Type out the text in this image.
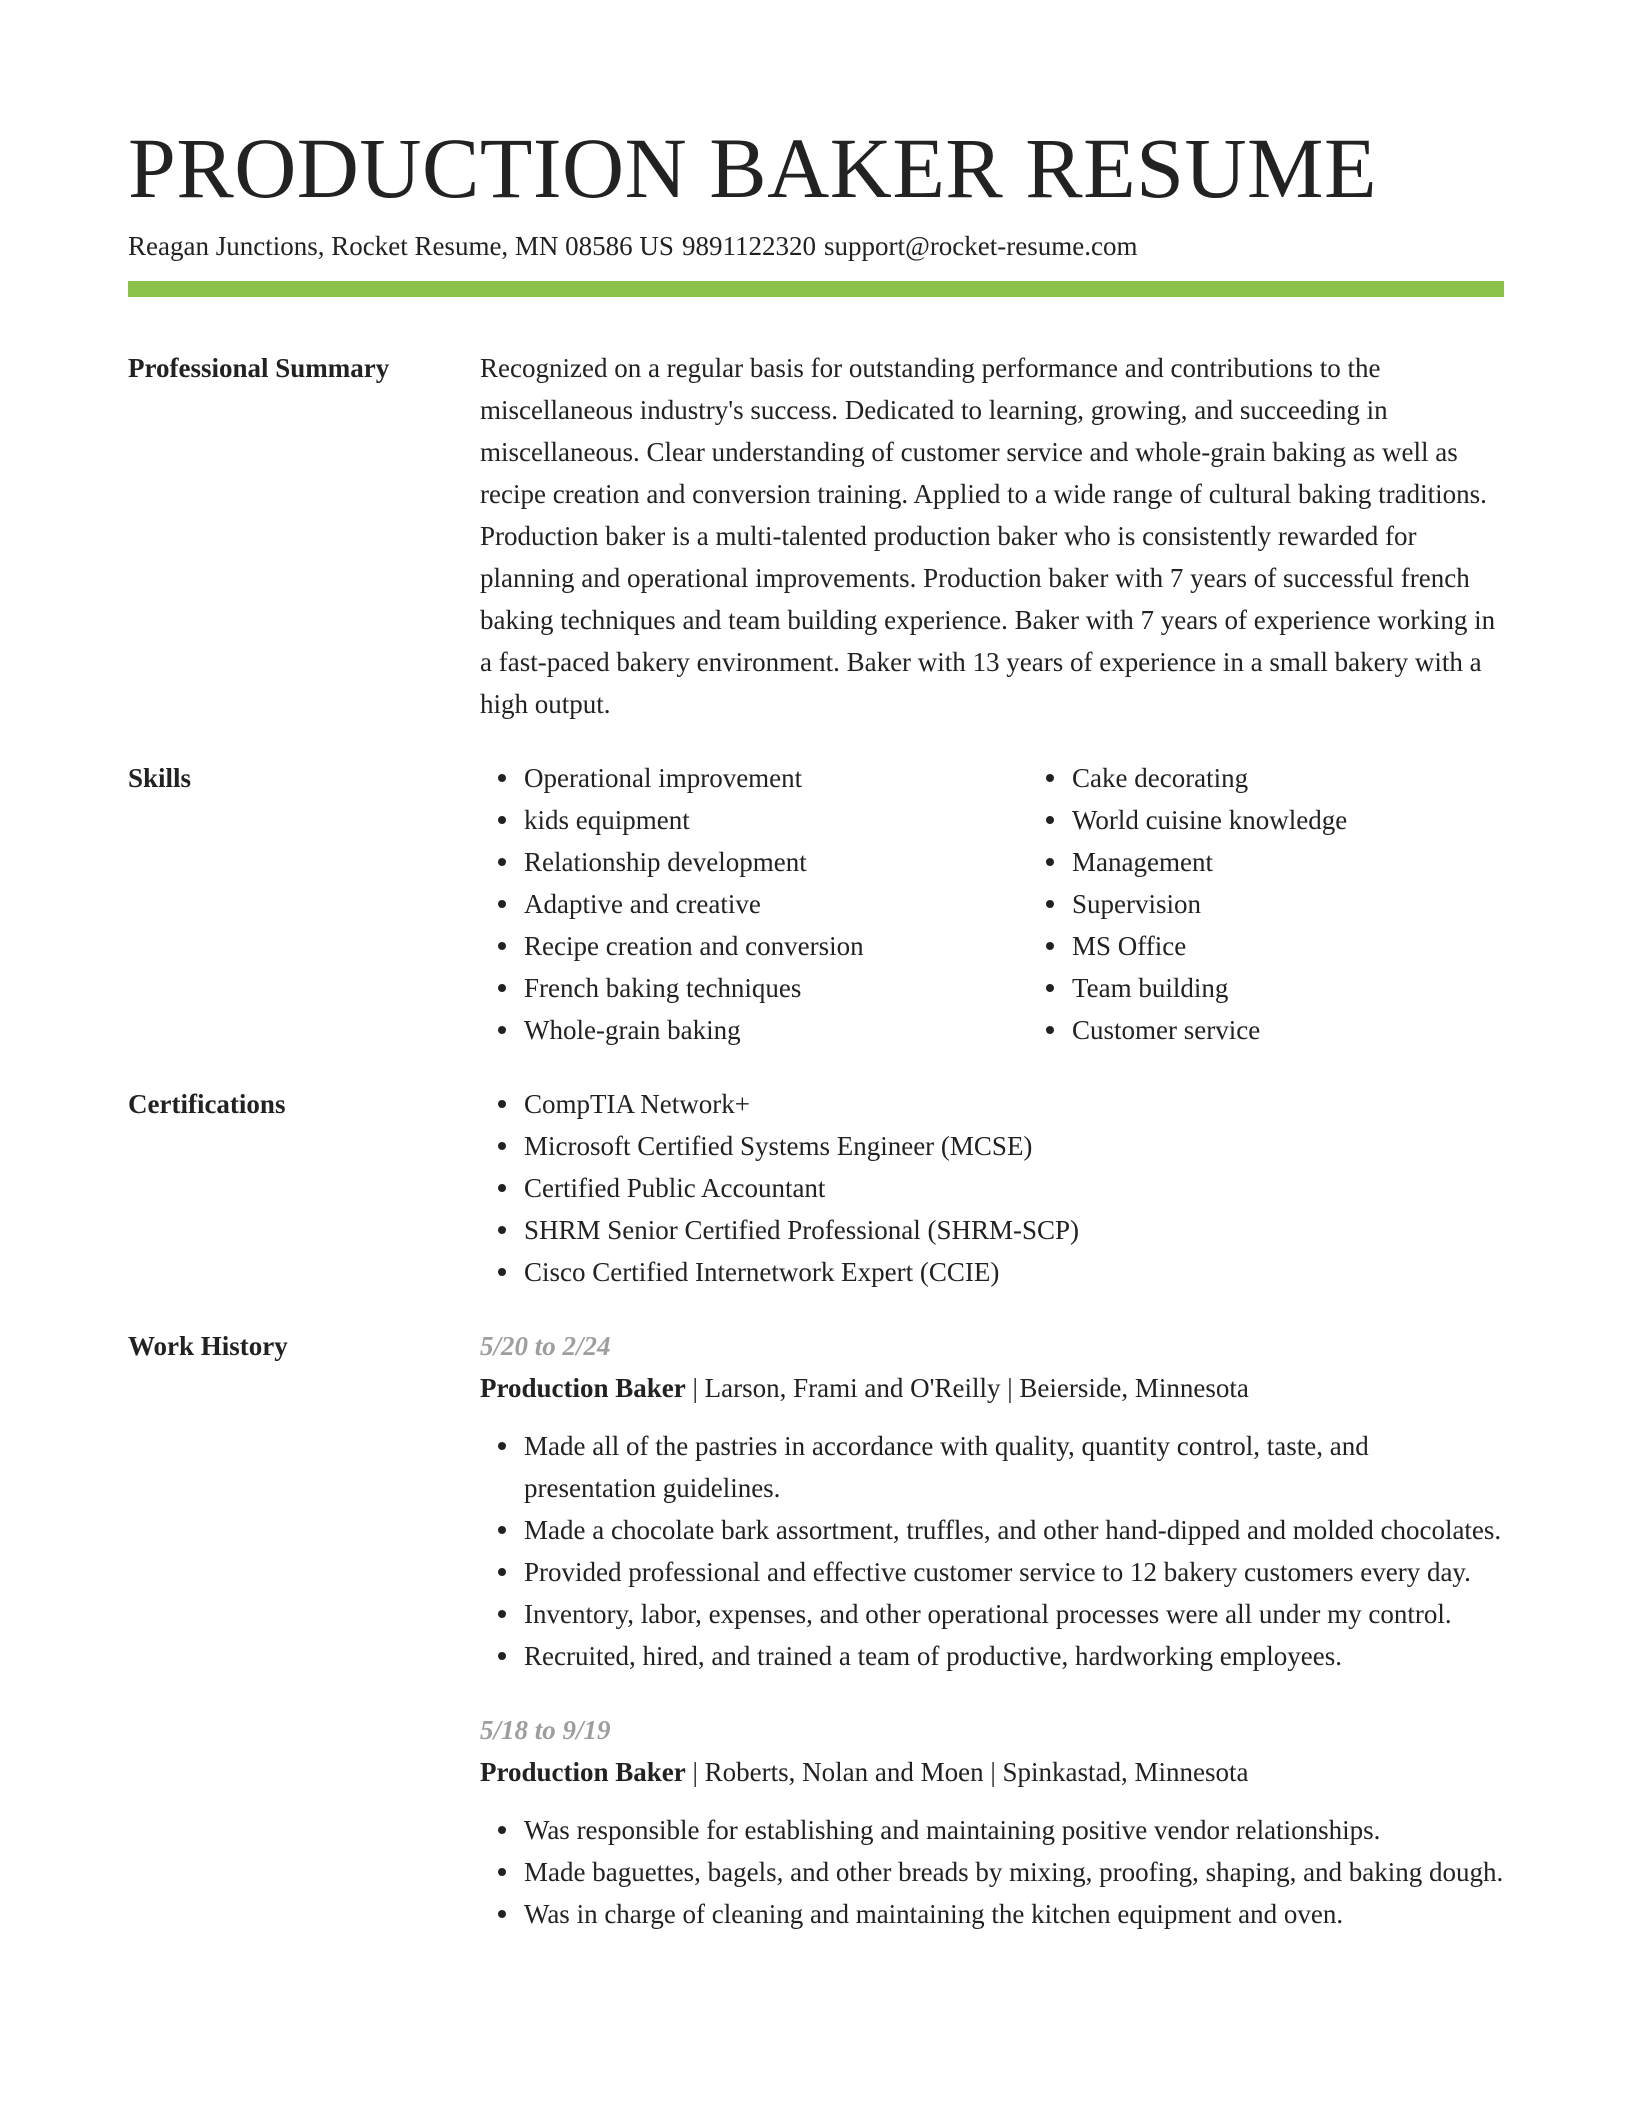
PRODUCTION BAKER RESUME
Reagan Junctions, Rocket Resume, MN 08586 US 9891122320 support@rocket-resume.com
Professional Summary	Recognized on a regular basis for outstanding performance and contributions to the miscellaneous industry's success. Dedicated to learning, growing, and succeeding in miscellaneous. Clear understanding of customer service and whole-grain baking as well as recipe creation and conversion training. Applied to a wide range of cultural baking traditions. Production baker is a multi-talented production baker who is consistently rewarded for planning and operational improvements. Production baker with 7 years of successful french baking techniques and team building experience. Baker with 7 years of experience working in a fast-paced bakery environment. Baker with 13 years of experience in a small bakery with a high output.
Skills	Operational improvement
kids equipment
Relationship development
Adaptive and creative
Recipe creation and conversion
French baking techniques
Whole-grain baking
Cake decorating
World cuisine knowledge
Management
Supervision
MS Office
Team building
Customer service
Certifications	CompTIA Network+
Microsoft Certified Systems Engineer (MCSE)
Certified Public Accountant
SHRM Senior Certified Professional (SHRM-SCP)
Cisco Certified Internetwork Expert (CCIE)
Work History	5/20 to 2/24
Production Baker | Larson, Frami and O'Reilly | Beierside, Minnesota
Made all of the pastries in accordance with quality, quantity control, taste, and presentation guidelines.
Made a chocolate bark assortment, truffles, and other hand-dipped and molded chocolates.
Provided professional and effective customer service to 12 bakery customers every day.
Inventory, labor, expenses, and other operational processes were all under my control.
Recruited, hired, and trained a team of productive, hardworking employees.
5/18 to 9/19
Production Baker | Roberts, Nolan and Moen | Spinkastad, Minnesota
Was responsible for establishing and maintaining positive vendor relationships.
Made baguettes, bagels, and other breads by mixing, proofing, shaping, and baking dough.
Was in charge of cleaning and maintaining the kitchen equipment and oven.
